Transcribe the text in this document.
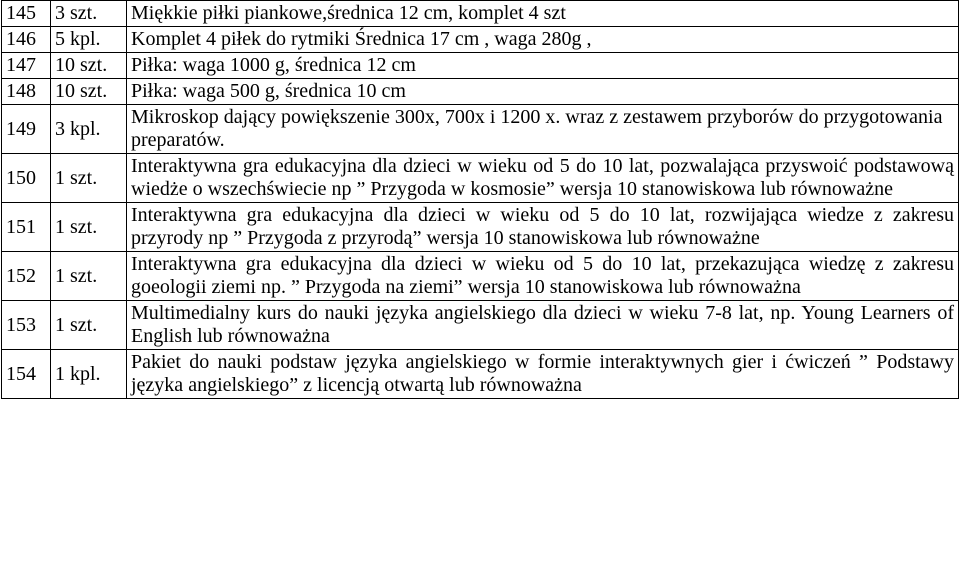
145	3 szt.	Miękkie piłki piankowe,średnica 12 cm, komplet 4 szt
146	5 kpl.	Komplet 4 piłek do rytmiki Średnica 17 cm , waga 280g ,
147	10 szt.	Piłka: waga 1000 g, średnica 12 cm
148	10 szt.	Piłka: waga 500 g, średnica 10 cm
149	3 kpl.	Mikroskop dający powiększenie 300x, 700x i 1200 x. wraz z zestawem przyborów do przygotowania preparatów.
150	1 szt.	Interaktywna gra edukacyjna dla dzieci w wieku od 5 do 10 lat, pozwalająca przyswoić podstawową wiedże o wszechświecie np ” Przygoda w kosmosie” wersja 10 stanowiskowa lub równoważne
151	1 szt.	Interaktywna gra edukacyjna dla dzieci w wieku od 5 do 10 lat, rozwijająca wiedze z zakresu przyrody np ” Przygoda z przyrodą” wersja 10 stanowiskowa lub równoważne
152	1 szt.	Interaktywna gra edukacyjna dla dzieci w wieku od 5 do 10 lat, przekazująca wiedzę z zakresu goeologii ziemi np. ” Przygoda na ziemi” wersja 10 stanowiskowa lub równoważna
153	1 szt.	Multimedialny kurs do nauki języka angielskiego dla dzieci w wieku 7-8 lat, np. Young Learners of English lub równoważna
154	1 kpl.	Pakiet do nauki podstaw języka angielskiego w formie interaktywnych gier i ćwiczeń ” Podstawy języka angielskiego” z licencją otwartą lub równoważna
